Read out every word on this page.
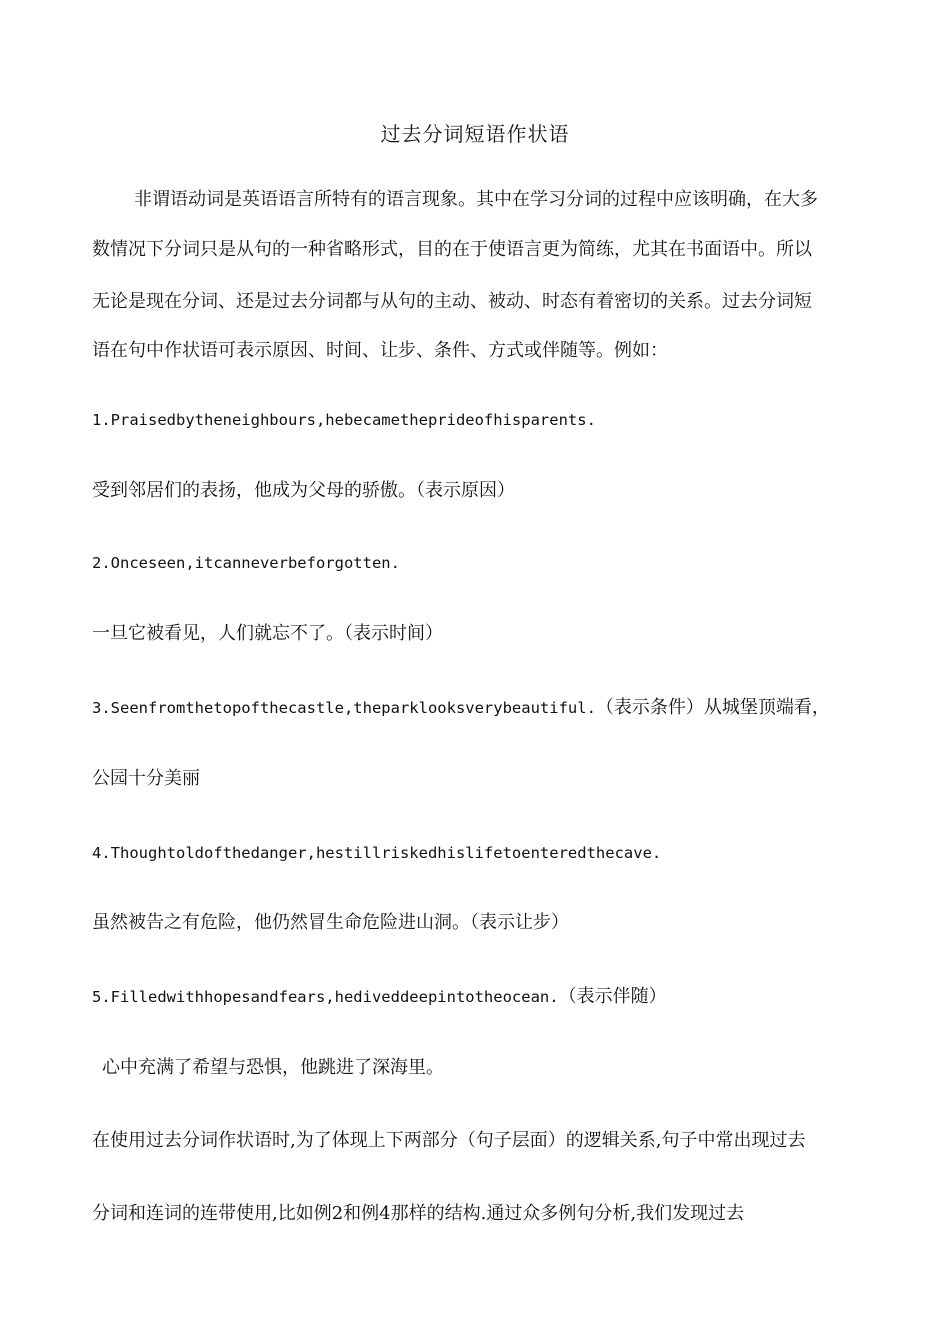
过去分词短语作状语
非谓语动词是英语语言所特有的语言现象。其中在学习分词的过程中应该明确，在大多
数情况下分词只是从句的一种省略形式，目的在于使语言更为简练，尤其在书面语中。所以
无论是现在分词、还是过去分词都与从句的主动、被动、时态有着密切的关系。过去分词短
语在句中作状语可表示原因、时间、让步、条件、方式或伴随等。例如：
1.Praisedbytheneighbours,hebecametheprideofhisparents.
受到邻居们的表扬，他成为父母的骄傲。（表示原因）
2.Onceseen,itcanneverbeforgotten.
一旦它被看见，人们就忘不了。（表示时间）
3.Seenfromthetopofthecastle,theparklooksverybeautiful.（表示条件）从城堡顶端看，
公园十分美丽
4.Thoughtoldofthedanger,hestillriskedhislifetoenteredthecave.
虽然被告之有危险，他仍然冒生命危险进山洞。（表示让步）
5.Filledwithhopesandfears,hediveddeepintotheocean.（表示伴随）
心中充满了希望与恐惧，他跳进了深海里。
在使用过去分词作状语时,为了体现上下两部分（句子层面）的逻辑关系,句子中常出现过去
分词和连词的连带使用,比如例2和例4那样的结构.通过众多例句分析,我们发现过去
